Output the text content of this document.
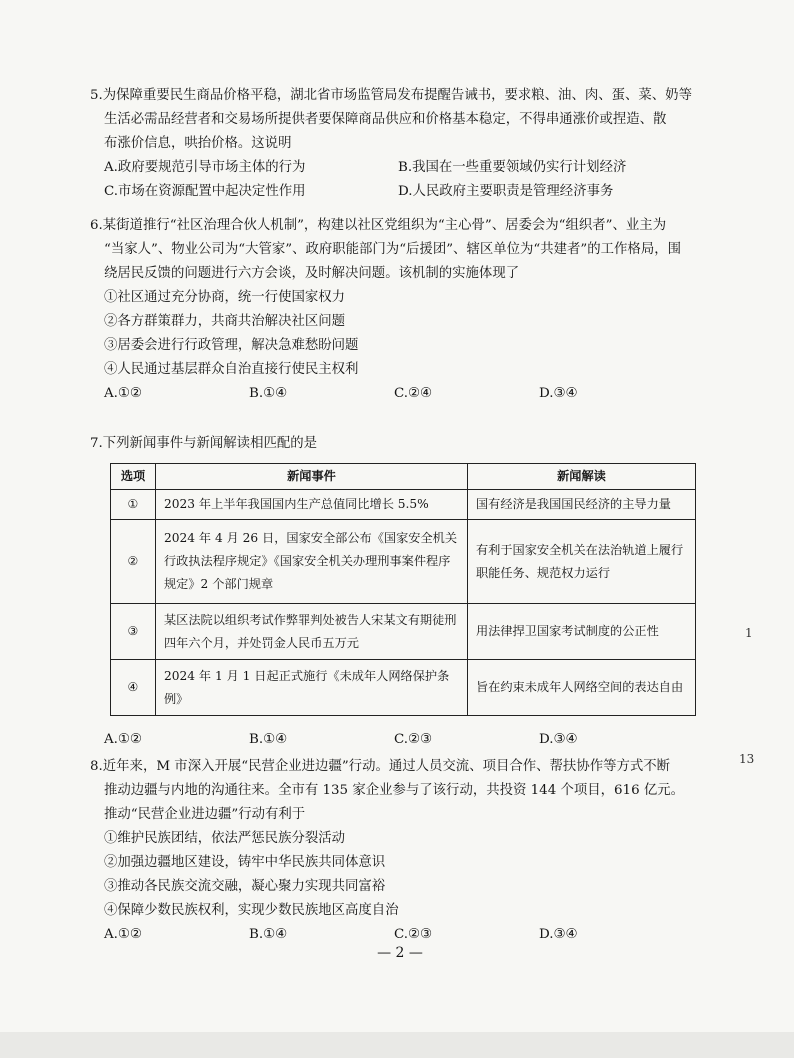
5.为保障重要民生商品价格平稳，湖北省市场监管局发布提醒告诫书，要求粮、油、肉、蛋、菜、奶等
生活必需品经营者和交易场所提供者要保障商品供应和价格基本稳定，不得串通涨价或捏造、散
布涨价信息，哄抬价格。这说明
A.政府要规范引导市场主体的行为	B.我国在一些重要领域仍实行计划经济
C.市场在资源配置中起决定性作用	D.人民政府主要职责是管理经济事务
6.某街道推行“社区治理合伙人机制”，构建以社区党组织为“主心骨”、居委会为“组织者”、业主为
“当家人”、物业公司为“大管家”、政府职能部门为“后援团”、辖区单位为“共建者”的工作格局，围
绕居民反馈的问题进行六方会谈，及时解决问题。该机制的实施体现了
①社区通过充分协商，统一行使国家权力
②各方群策群力，共商共治解决社区问题
③居委会进行行政管理，解决急难愁盼问题
④人民通过基层群众自治直接行使民主权利
A.①②	B.①④	C.②④	D.③④
7.下列新闻事件与新闻解读相匹配的是
选项	新闻事件	新闻解读
①	2023 年上半年我国国内生产总值同比增长 5.5%	国有经济是我国国民经济的主导力量
②	2024 年 4 月 26 日，国家安全部公布《国家安全机关行政执法程序规定》《国家安全机关办理刑事案件程序规定》2 个部门规章	有利于国家安全机关在法治轨道上履行职能任务、规范权力运行
③	某区法院以组织考试作弊罪判处被告人宋某文有期徒刑四年六个月，并处罚金人民币五万元	用法律捍卫国家考试制度的公正性
④	2024 年 1 月 1 日起正式施行《未成年人网络保护条例》	旨在约束未成年人网络空间的表达自由
A.①②	B.①④	C.②③	D.③④
8.近年来，M 市深入开展“民营企业进边疆”行动。通过人员交流、项目合作、帮扶协作等方式不断
推动边疆与内地的沟通往来。全市有 135 家企业参与了该行动，共投资 144 个项目，616 亿元。
推动“民营企业进边疆”行动有利于
①维护民族团结，依法严惩民族分裂活动
②加强边疆地区建设，铸牢中华民族共同体意识
③推动各民族交流交融，凝心聚力实现共同富裕
④保障少数民族权利，实现少数民族地区高度自治
A.①②	B.①④	C.②③	D.③④
1
13
— 2 —
